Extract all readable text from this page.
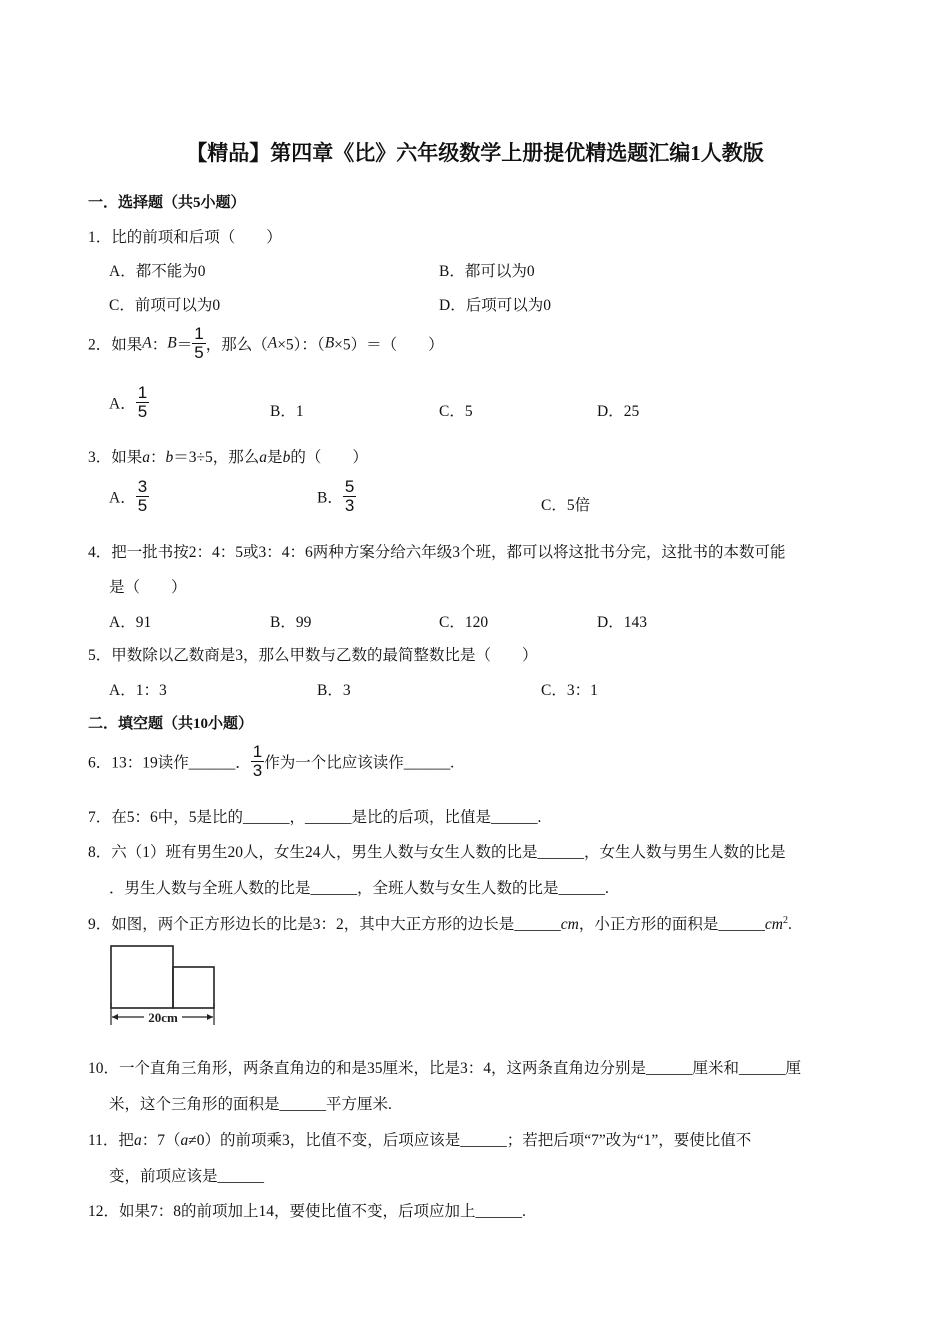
【精品】第四章《比》六年级数学上册提优精选题汇编1人教版
一．选择题（共5小题）
1．比的前项和后项（　　）
A．都不能为0	B．都可以为0
C．前项可以为0	D．后项可以为0
2．如果A：$B= \frac{1}{5}$ ，那么（A×5）：（B×5）＝（　　）
A． $\frac{1}{5}$	B．1	C．5	D．25
3．如果a：b＝3÷5，那么a是b的（　　）
A． $\frac{3}{5}$	B． $\frac{5}{3}$	C．5倍
4．把一批书按2：4：5或3：4：6两种方案分给六年级3个班，都可以将这批书分完，这批书的本数可能
是（　　）
A．91	B．99	C．120	D．143
5．甲数除以乙数商是3，那么甲数与乙数的最简整数比是（　　）
A．1：3	B．3	C．3：1
二．填空题（共10小题）
6．13：19读作______． $\frac{1}{3}$ 作为一个比应该读作______.
7．在5：6中，5是比的______，______是比的后项，比值是______.
8．六（1）班有男生20人，女生24人，男生人数与女生人数的比是______，女生人数与男生人数的比是
．男生人数与全班人数的比是______，全班人数与女生人数的比是______.
9．如图，两个正方形边长的比是3：2，其中大正方形的边长是______cm，小正方形的面积是$\_\_\_\_\_\_cm^2$.
20cm
10．一个直角三角形，两条直角边的和是35厘米，比是3：4，这两条直角边分别是______厘米和______厘
米，这个三角形的面积是______平方厘米.
11．把a：7（a≠0）的前项乘3，比值不变，后项应该是______；若把后项“7”改为“1”，要使比值不
变，前项应该是______
12．如果7：8的前项加上14，要使比值不变，后项应加上______.
